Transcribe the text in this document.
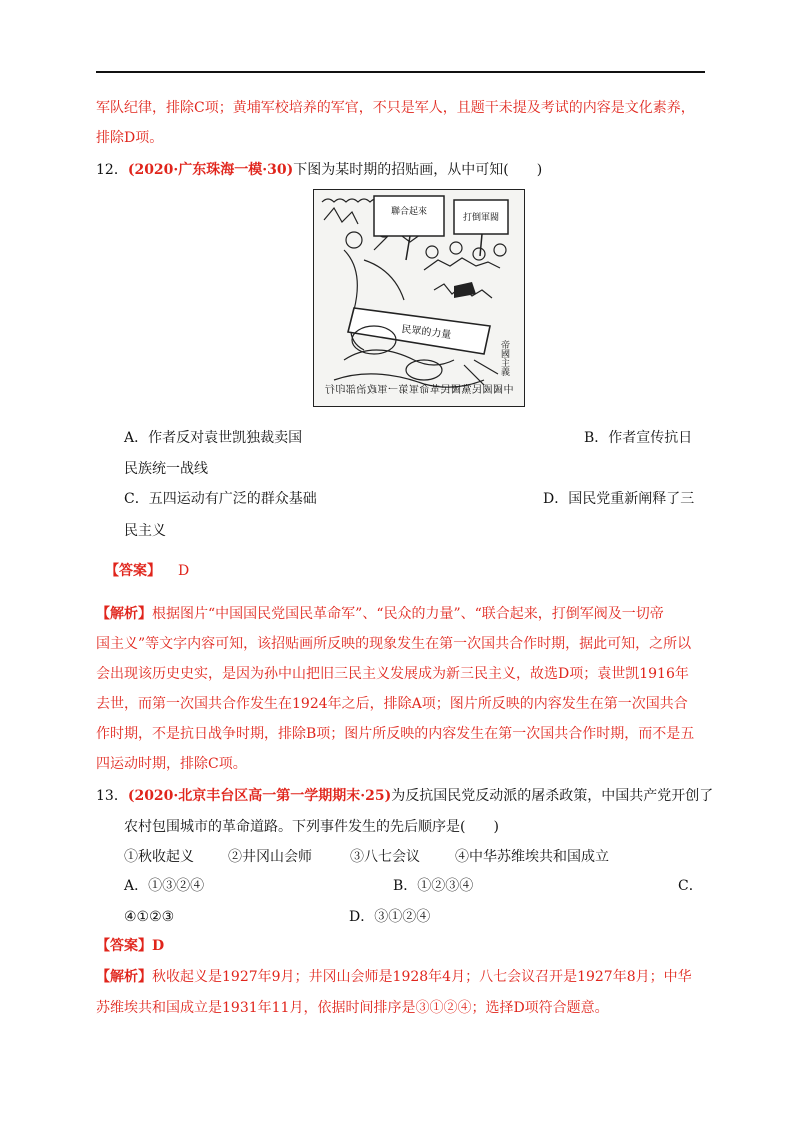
军队纪律，排除C项；黄埔军校培养的军官，不只是军人，且题干未提及考试的内容是文化素养，
排除D项。
12．(2020·广东珠海一模·30)下图为某时期的招贴画，从中可知(　　)
聯合起來
打倒軍閥
民眾的力量
帝國主義
中國國民黨國民革命軍第一軍政治部印行
A．作者反对袁世凯独裁卖国	B．作者宣传抗日
民族统一战线
C．五四运动有广泛的群众基础	D．国民党重新阐释了三
民主义
【答案】 D
【解析】根据图片“中国国民党国民革命军”、“民众的力量”、“联合起来，打倒军阀及一切帝
国主义”等文字内容可知，该招贴画所反映的现象发生在第一次国共合作时期，据此可知，之所以
会出现该历史史实，是因为孙中山把旧三民主义发展成为新三民主义，故选D项；袁世凯1916年
去世，而第一次国共合作发生在1924年之后，排除A项；图片所反映的内容发生在第一次国共合
作时期，不是抗日战争时期，排除B项；图片所反映的内容发生在第一次国共合作时期，而不是五
四运动时期，排除C项。
13．(2020·北京丰台区高一第一学期期末·25)为反抗国民党反动派的屠杀政策，中国共产党开创了
农村包围城市的革命道路。下列事件发生的先后顺序是(　　)
①秋收起义 ②井冈山会师	③八七会议	④中华苏维埃共和国成立
A．①③②④	B．①②③④	C．
④①②③	D．③①②④
【答案】D
【解析】秋收起义是1927年9月；井冈山会师是1928年4月；八七会议召开是1927年8月；中华
苏维埃共和国成立是1931年11月，依据时间排序是③①②④；选择D项符合题意。
